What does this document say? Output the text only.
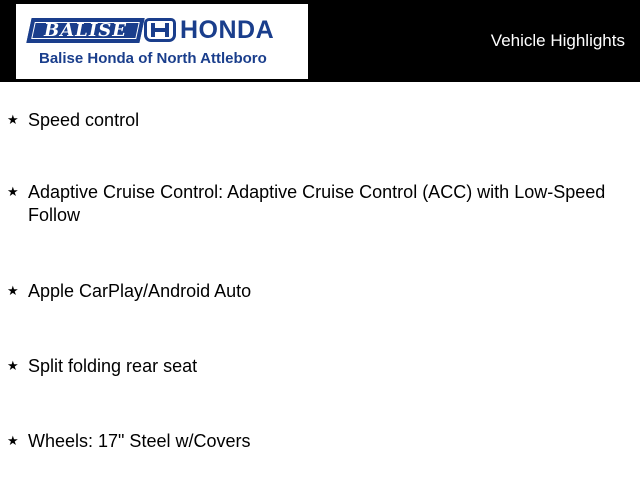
BALISE	HONDA
Balise Honda of North Attleboro
Vehicle Highlights
★ Speed control
★ Adaptive Cruise Control: Adaptive Cruise Control (ACC) with Low-Speed Follow
★ Apple CarPlay/Android Auto
★ Split folding rear seat
★ Wheels: 17" Steel w/Covers
